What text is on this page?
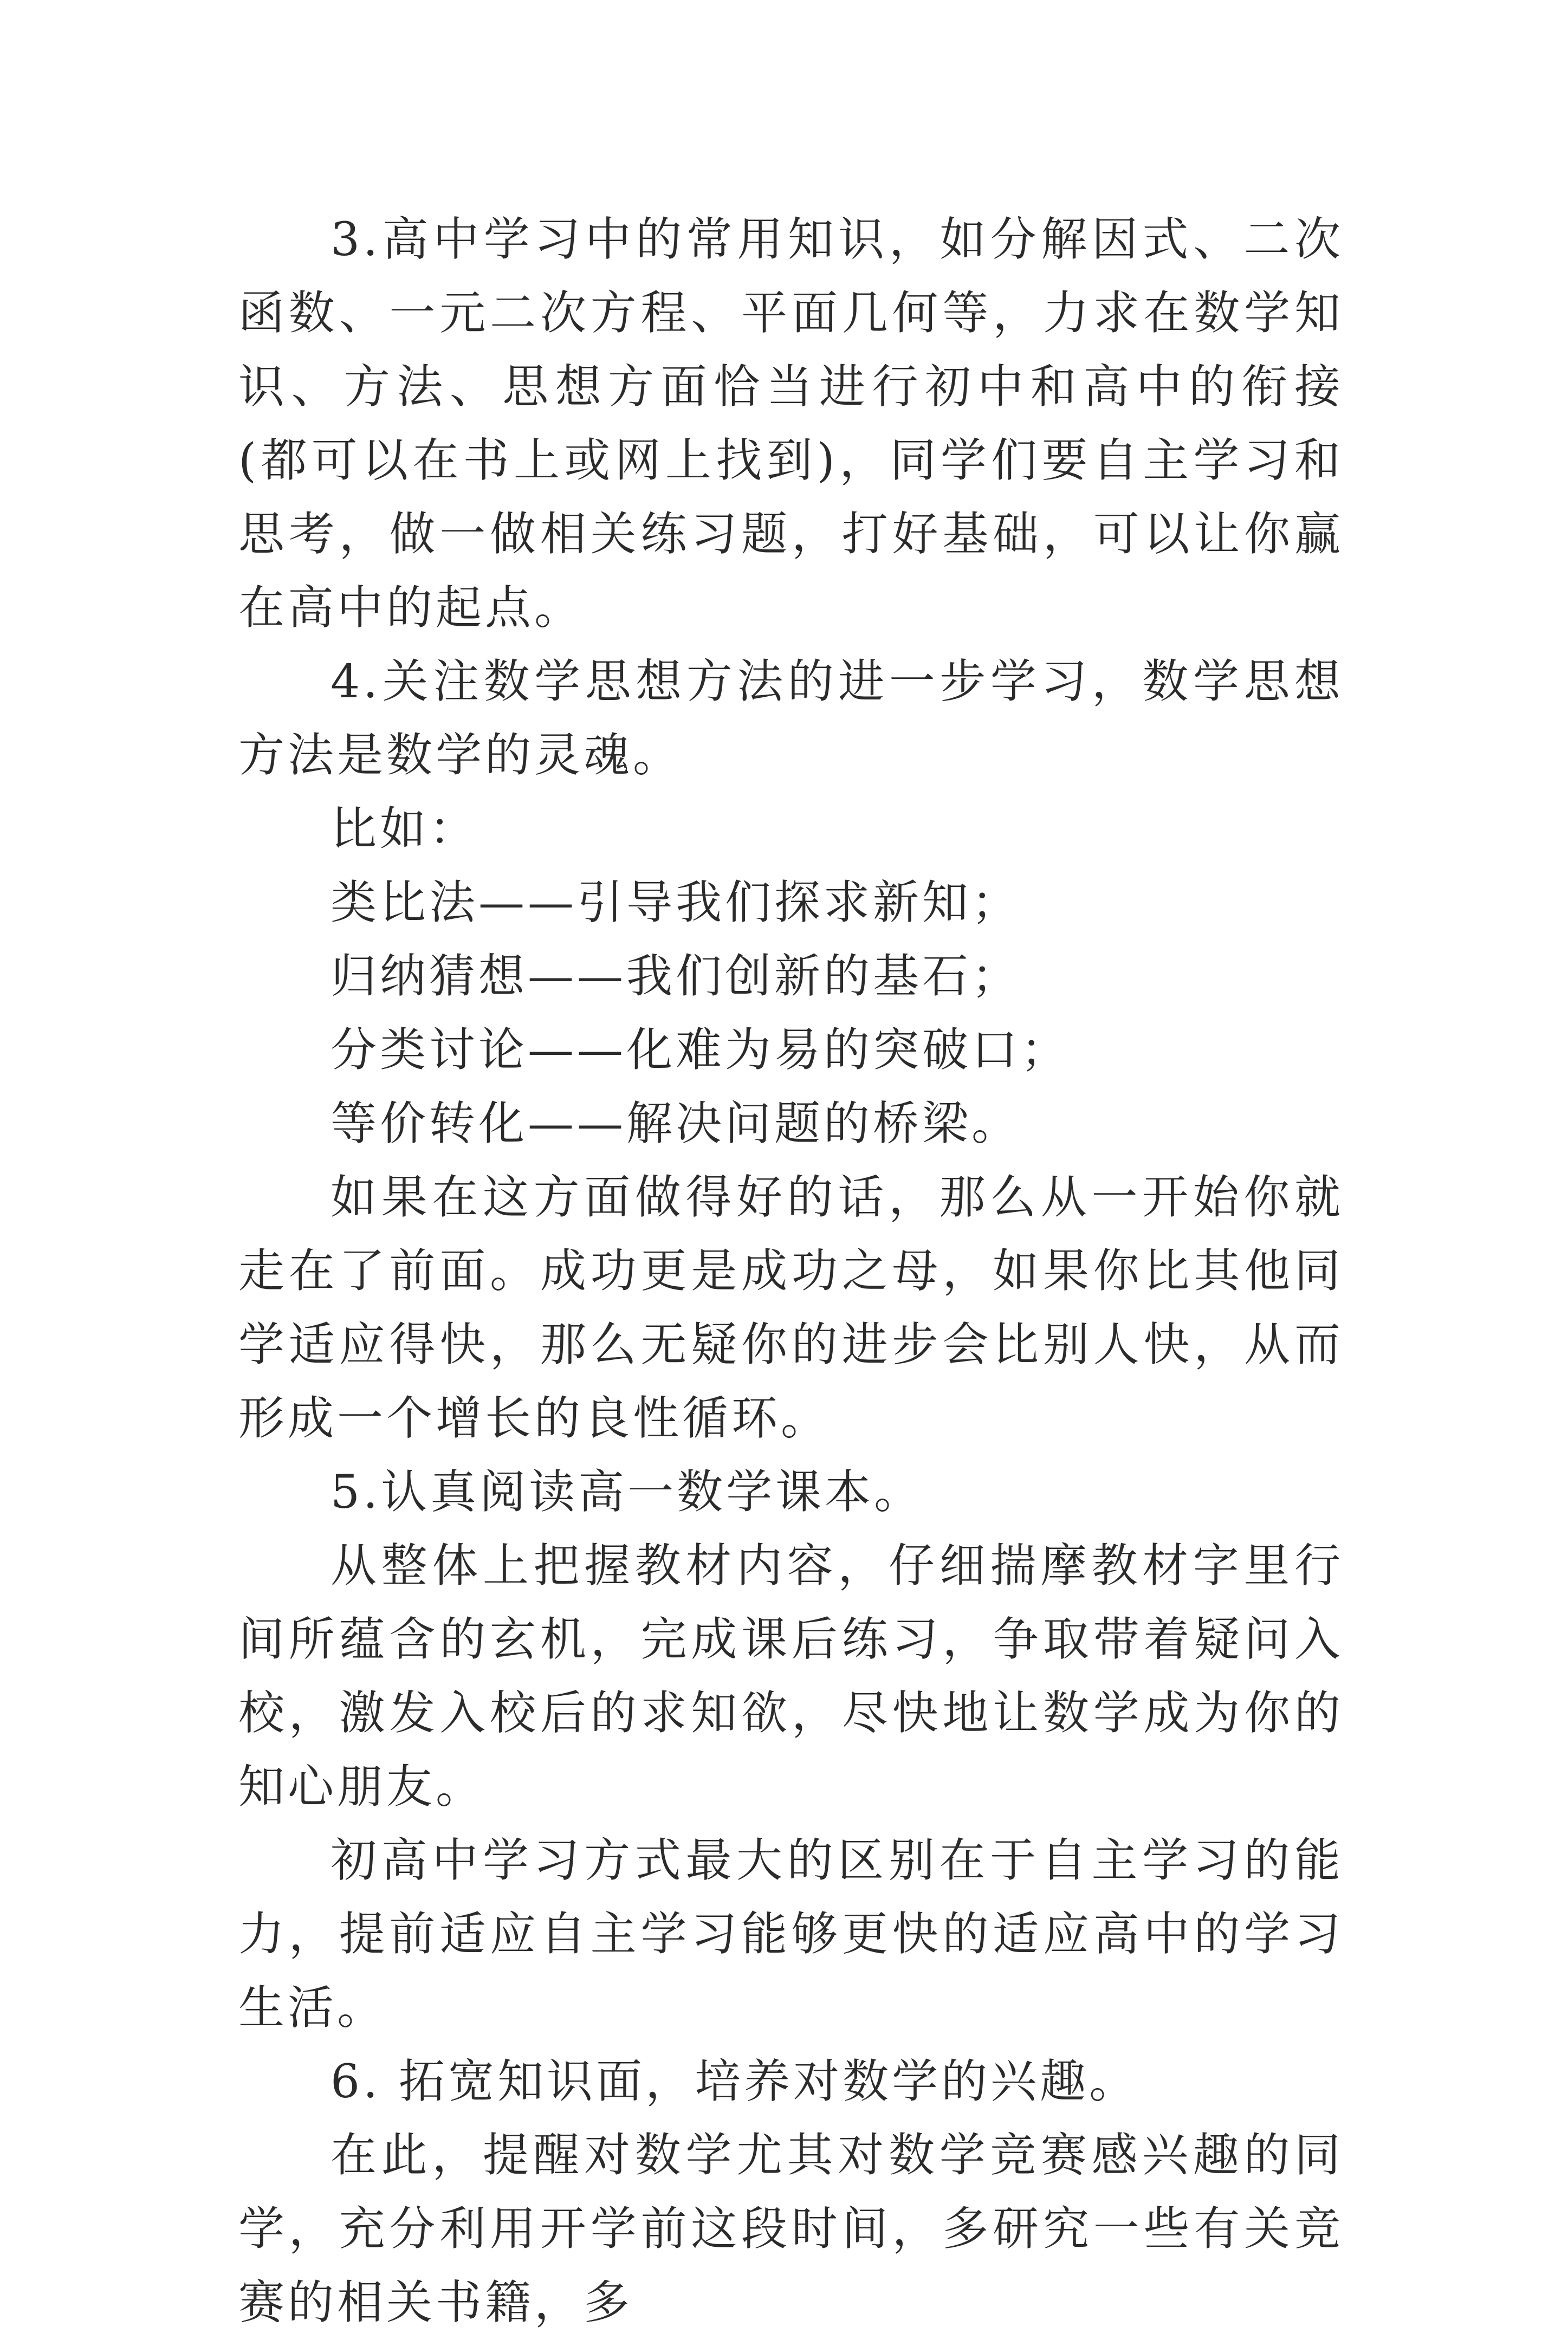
3.高中学习中的常用知识，如分解因式、二次函数、一元二次方程、平面几何等，力求在数学知识、方法、思想方面恰当进行初中和高中的衔接(都可以在书上或网上找到)，同学们要自主学习和思考，做一做相关练习题，打好基础，可以让你赢在高中的起点。

4.关注数学思想方法的进一步学习，数学思想方法是数学的灵魂。

比如：

类比法——引导我们探求新知；

归纳猜想——我们创新的基石；

分类讨论——化难为易的突破口；

等价转化——解决问题的桥梁。

如果在这方面做得好的话，那么从一开始你就走在了前面。成功更是成功之母，如果你比其他同学适应得快，那么无疑你的进步会比别人快，从而形成一个增长的良性循环。

5.认真阅读高一数学课本。

从整体上把握教材内容，仔细揣摩教材字里行间所蕴含的玄机，完成课后练习，争取带着疑问入校，激发入校后的求知欲，尽快地让数学成为你的知心朋友。

初高中学习方式最大的区别在于自主学习的能力，提前适应自主学习能够更快的适应高中的学习生活。

6. 拓宽知识面，培养对数学的兴趣。

在此，提醒对数学尤其对数学竞赛感兴趣的同学，充分利用开学前这段时间，多研究一些有关竞赛的相关书籍，多
